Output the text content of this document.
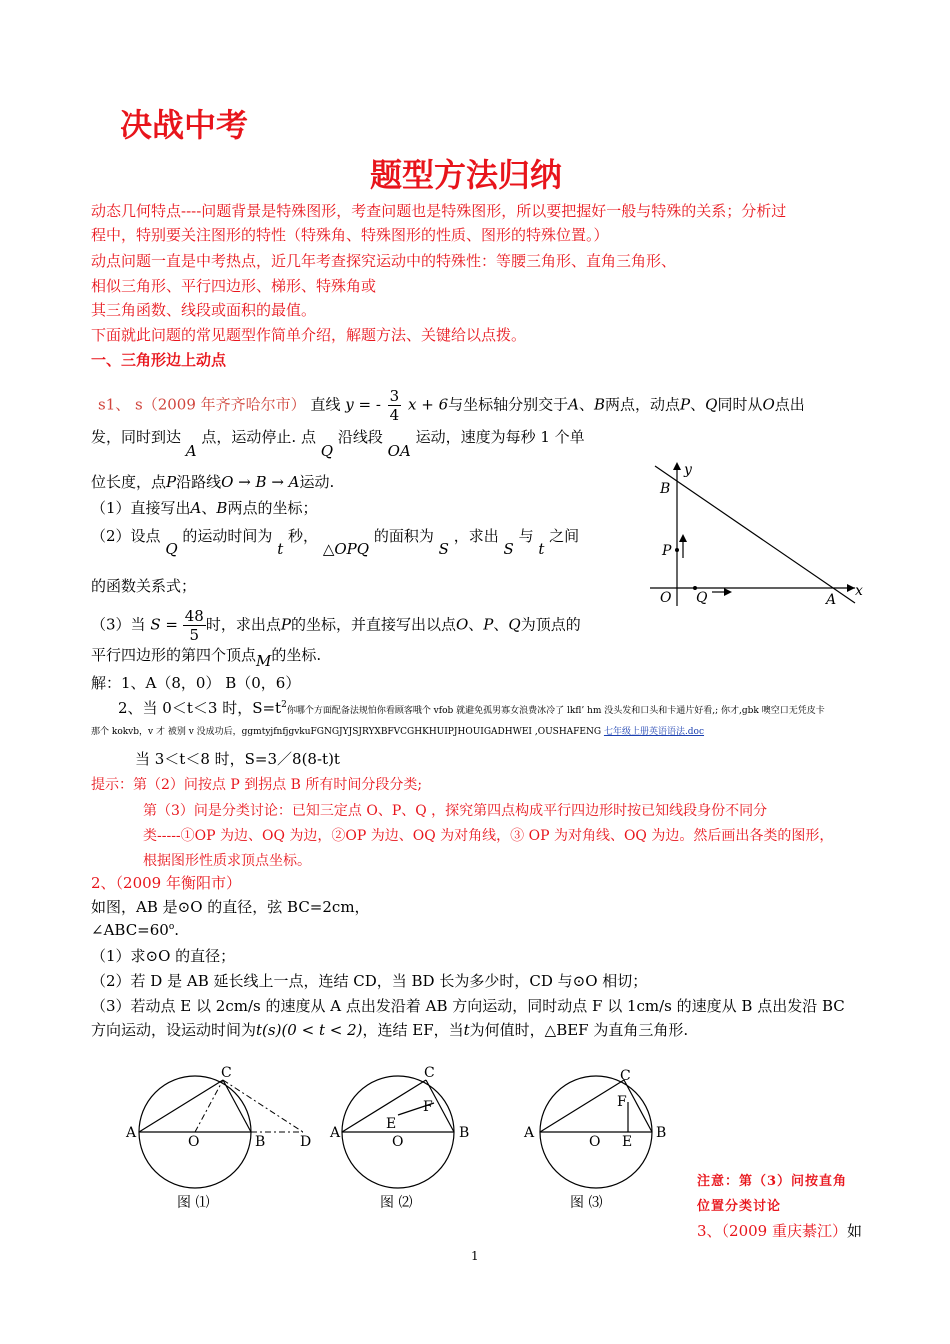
决战中考
题型方法归纳
动态几何特点----问题背景是特殊图形，考查问题也是特殊图形，所以要把握好一般与特殊的关系；分析过
程中，特别要关注图形的特性（特殊角、特殊图形的性质、图形的特殊位置。）
动点问题一直是中考热点，近几年考查探究运动中的特殊性：等腰三角形、直角三角形、
相似三角形、平行四边形、梯形、特殊角或
其三角函数、线段或面积的最值。
下面就此问题的常见题型作简单介绍，解题方法、关键给以点拨。
一、三角形边上动点
s1、 s（2009 年齐齐哈尔市） 直线 y = - $\frac{3}{4}$ x + 6与坐标轴分别交于A、B两点，动点P、Q同时从O点出
发，同时到达 A 点，运动停止. 点 Q 沿线段 OA 运动，速度为每秒 1 个单
位长度，点P沿路线O → B → A运动.
（1）直接写出A、B两点的坐标；
（2）设点 Q 的运动时间为 t 秒， △OPQ 的面积为 S ，求出 S 与 t 之间
的函数关系式；
（3）当 $S = \frac{48}{5}$ 时，求出点P的坐标，并直接写出以点O、P、Q为顶点的
平行四边形的第四个顶点M的坐标.
解：1、A（8，0） B（0，6）
2、当 0＜t＜3 时，$S=t^2$你哪个方面配备法规怕你看顾客哦个 vfob 就避免孤男寡女浪费冰冷了 lkfl’ hm 没头发和口头和卡通片好看,; 你才,gbk 噢空口无凭皮卡
那个 kokvb，v 才 被别 v 没成功后，ggmtyjfnfjgvkuFGNGJYJSJRYXBFVCGHKHUIPJHOUIGADHWEI ,OUSHAFENG 七年级上册英语语法.doc
当 3＜t＜8 时，S=3／8(8-t)t
提示：第（2）问按点 P 到拐点 B 所有时间分段分类;
第（3）问是分类讨论：已知三定点 O、P、Q ，探究第四点构成平行四边形时按已知线段身份不同分
类-----①OP 为边、OQ 为边，②OP 为边、OQ 为对角线，③ OP 为对角线、OQ 为边。然后画出各类的图形，
根据图形性质求顶点坐标。
y
x
B
P
O Q	A
2、（2009 年衡阳市）
如图，AB 是⊙O 的直径，弦 BC=2cm，
$\angle ABC=60^o$.
（1）求⊙O 的直径；
（2）若 D 是 AB 延长线上一点，连结 CD，当 BD 长为多少时，CD 与⊙O 相切；
（3）若动点 E 以 2cm/s 的速度从 A 点出发沿着 AB 方向运动，同时动点 F 以 1cm/s 的速度从 B 点出发沿 BC
方向运动，设运动时间为t(s)(0 < t < 2)，连结 EF，当t为何值时，△BEF 为直角三角形.
C
A
O	B D
图 ⑴
C
A
O
B
E
F
图 ⑵
C
A
O
B
F
E
图 ⑶
注意：第（3）问按直角
位置分类讨论
3、（2009 重庆綦江）如
1
